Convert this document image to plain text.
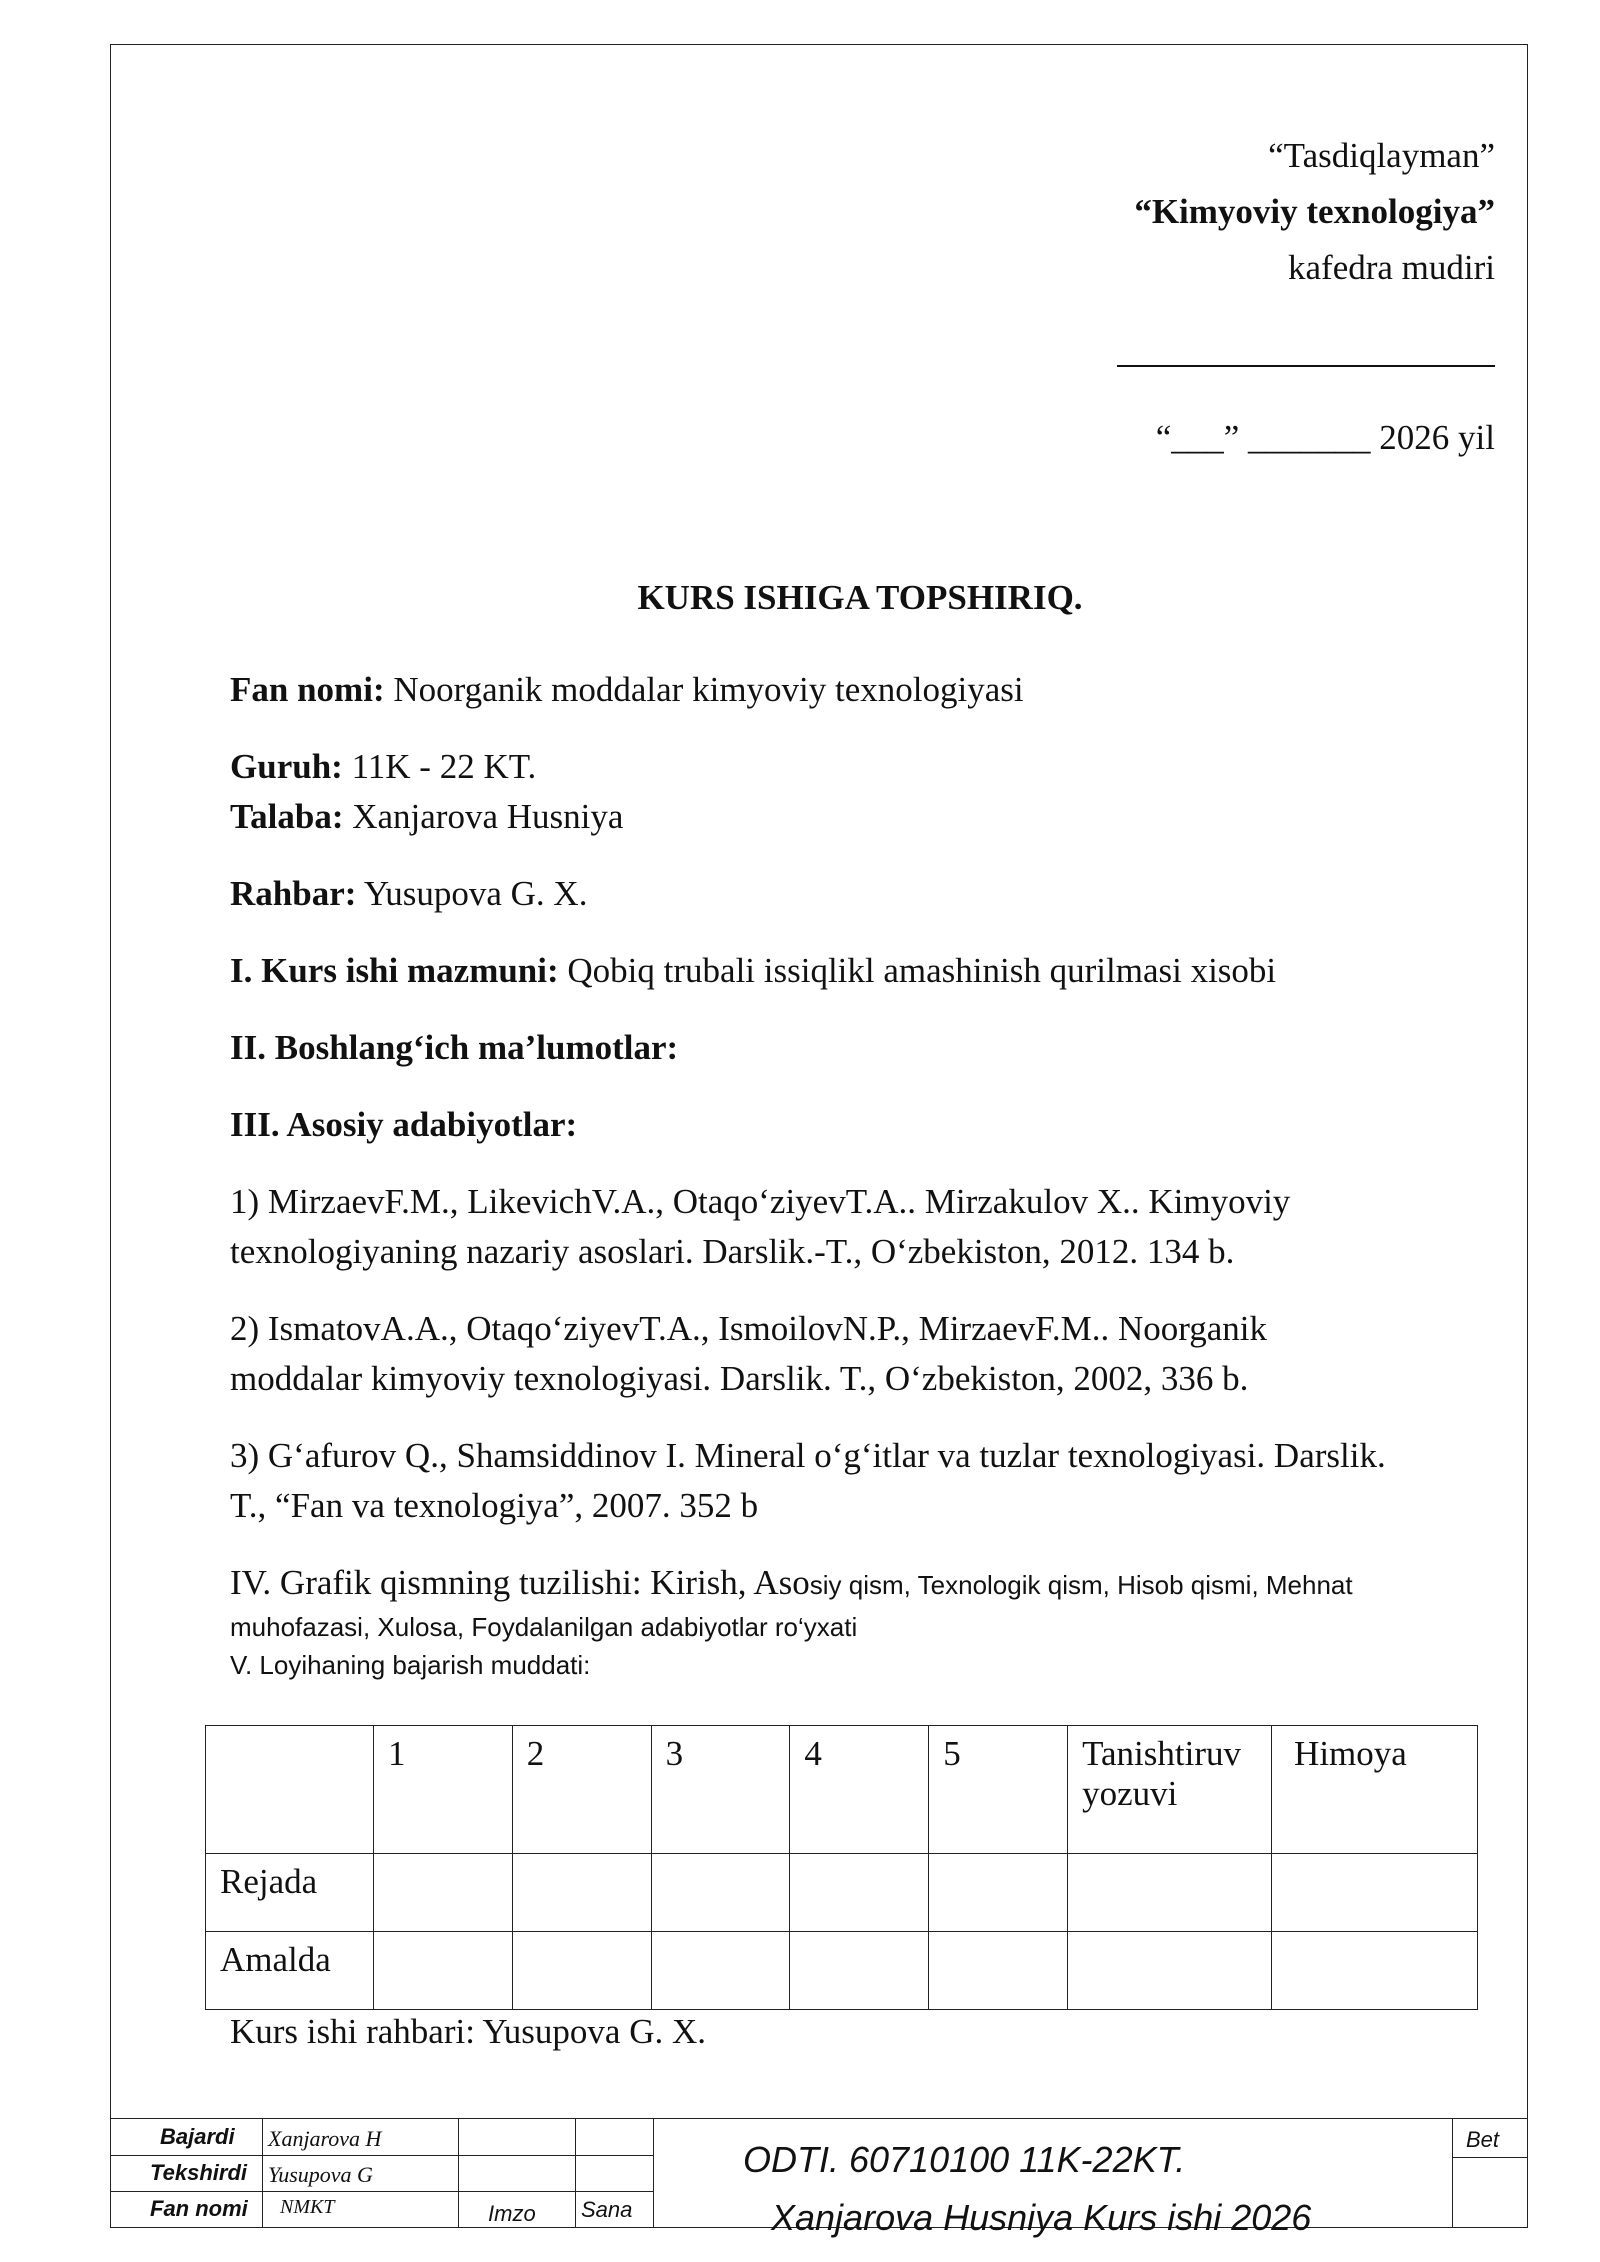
“Tasdiqlayman”
“Kimyoviy texnologiya”
kafedra mudiri
“___” _______ 2026 yil
KURS ISHIGA TOPSHIRIQ.
Fan nomi: Noorganik moddalar kimyoviy texnologiyasi
Guruh: 11K - 22 KT.
Talaba: Xanjarova Husniya
Rahbar: Yusupova G. X.
I. Kurs ishi mazmuni: Qobiq trubali issiqlikl amashinish qurilmasi xisobi
II. Boshlang‘ich ma’lumotlar:
III. Asosiy adabiyotlar:
1) MirzaevF.M., LikevichV.A., Otaqo‘ziyevT.A.. Mirzakulov X.. Kimyoviy
texnologiyaning nazariy asoslari. Darslik.-T., O‘zbekiston, 2012. 134 b.
2) IsmatovA.A., Otaqo‘ziyevT.A., IsmoilovN.P., MirzaevF.M.. Noorganik
moddalar kimyoviy texnologiyasi. Darslik. T., O‘zbekiston, 2002, 336 b.
3) G‘afurov Q., Shamsiddinov I. Mineral o‘g‘itlar va tuzlar texnologiyasi. Darslik.
T., “Fan va texnologiya”, 2007. 352 b
IV. Grafik qismning tuzilishi: Kirish, Asosiy qism, Texnologik qism, Hisob qismi, Mehnat
muhofazasi, Xulosa, Foydalanilgan adabiyotlar ro‘yxati
V. Loyihaning bajarish muddati:
	1	2	3	4	5	Tanishtiruv yozuvi	Himoya
Rejada							
Amalda							
Kurs ishi rahbari: Yusupova G. X.
Bajardi Xanjarova H
Tekshirdi Yusupova G
Fan nomi NMKT	Imzo Sana
ODTI. 60710100 11K-22KT.
Xanjarova Husniya Kurs ishi 2026
Bet
